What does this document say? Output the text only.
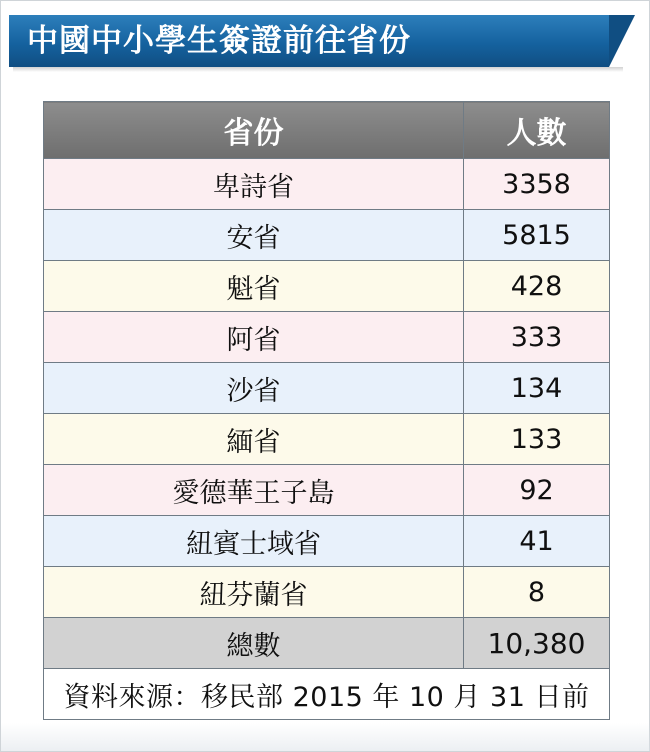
中國中小學生簽證前往省份
省份	人數
卑詩省	3358
安省	5815
魁省	428
阿省	333
沙省	134
緬省	133
愛德華王子島	92
紐賓士域省	41
紐芬蘭省	8
總數	10,380
資料來源：移民部 2015 年 10 月 31 日前	
